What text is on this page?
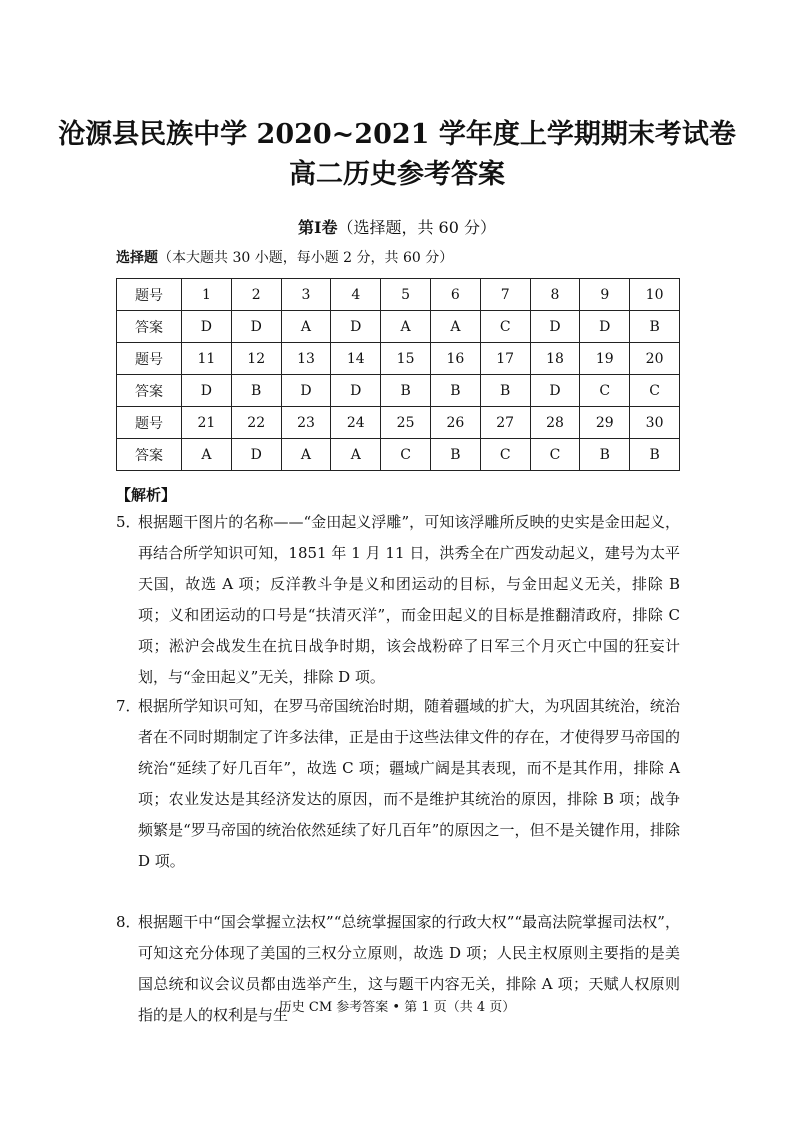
沧源县民族中学 2020~2021 学年度上学期期末考试卷
高二历史参考答案
第Ⅰ卷（选择题，共 60 分）
选择题（本大题共 30 小题，每小题 2 分，共 60 分）
题号	1	2	3	4	5	6	7	8	9	10
答案	D	D	A	D	A	A	C	D	D	B
题号	11	12	13	14	15	16	17	18	19	20
答案	D	B	D	D	B	B	B	D	C	C
题号	21	22	23	24	25	26	27	28	29	30
答案	A	D	A	A	C	B	C	C	B	B
【解析】
5．
根据题干图片的名称——“金田起义浮雕”，可知该浮雕所反映的史实是金田起义，再结合所学知识可知，1851 年 1 月 11 日，洪秀全在广西发动起义，建号为太平天国，故选 A 项；反洋教斗争是义和团运动的目标，与金田起义无关，排除 B 项；义和团运动的口号是“扶清灭洋”，而金田起义的目标是推翻清政府，排除 C 项；淞沪会战发生在抗日战争时期，该会战粉碎了日军三个月灭亡中国的狂妄计划，与“金田起义”无关，排除 D 项。
7．
根据所学知识可知，在罗马帝国统治时期，随着疆域的扩大，为巩固其统治，统治者在不同时期制定了许多法律，正是由于这些法律文件的存在，才使得罗马帝国的统治“延续了好几百年”，故选 C 项；疆域广阔是其表现，而不是其作用，排除 A 项；农业发达是其经济发达的原因，而不是维护其统治的原因，排除 B 项；战争频繁是“罗马帝国的统治依然延续了好几百年”的原因之一，但不是关键作用，排除 D 项。
8．
根据题干中“国会掌握立法权”“总统掌握国家的行政大权”“最高法院掌握司法权”，可知这充分体现了美国的三权分立原则，故选 D 项；人民主权原则主要指的是美国总统和议会议员都由选举产生，这与题干内容无关，排除 A 项；天赋人权原则指的是人的权利是与生
历史 CM 参考答案 • 第 1 页（共 4 页）
